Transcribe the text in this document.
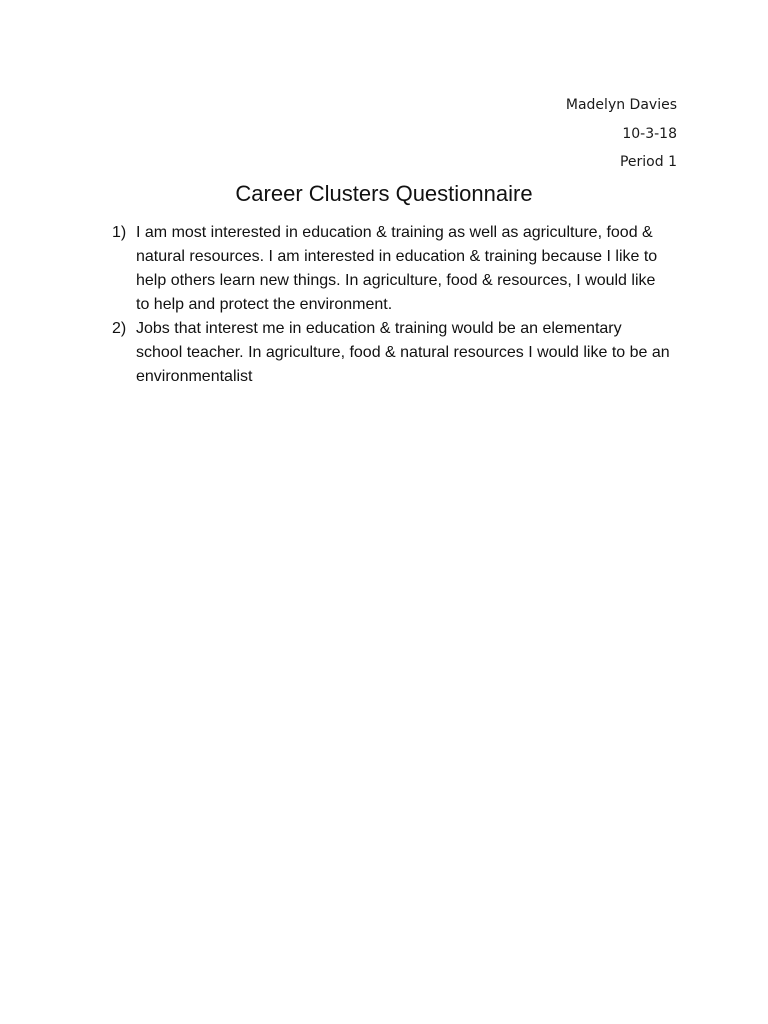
Madelyn Davies
10-3-18
Period 1
Career Clusters Questionnaire
1) I am most interested in education & training as well as agriculture, food & natural resources. I am interested in education & training because I like to help others learn new things. In agriculture, food & resources, I would like to help and protect the environment.
2) Jobs that interest me in education & training would be an elementary school teacher. In agriculture, food & natural resources I would like to be an environmentalist
